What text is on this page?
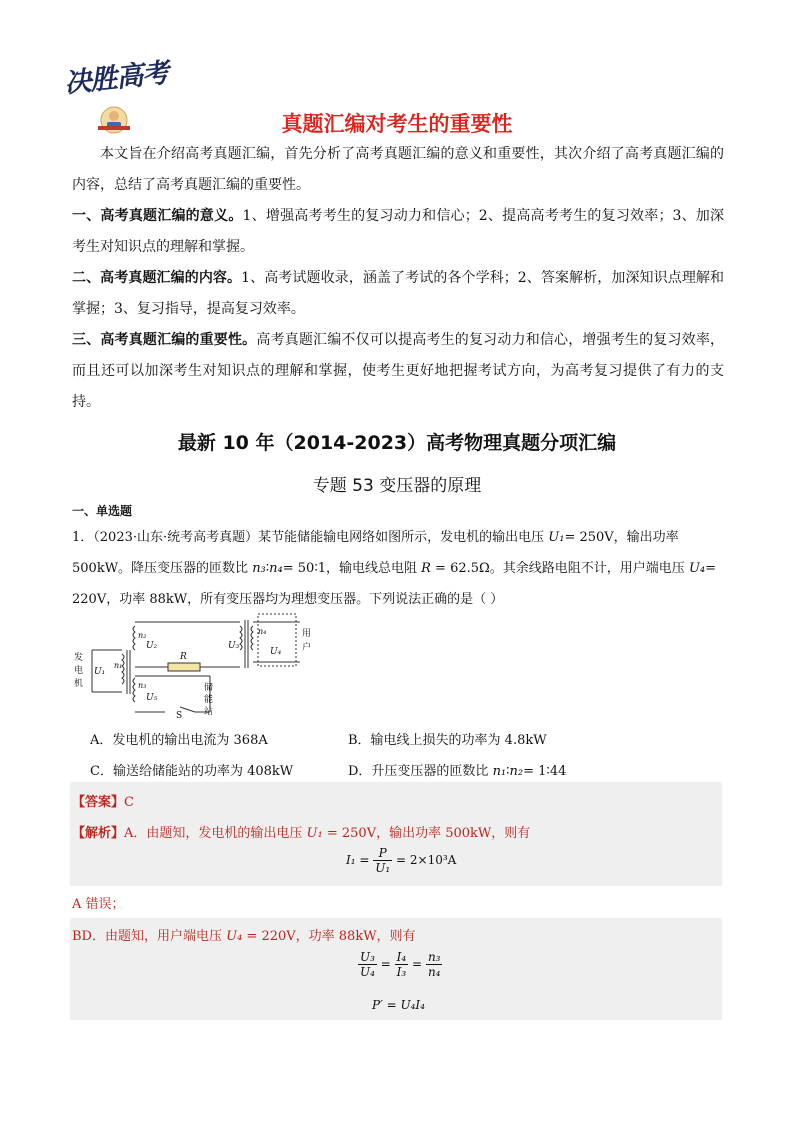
决胜高考
真题汇编对考生的重要性

本文旨在介绍高考真题汇编，首先分析了高考真题汇编的意义和重要性，其次介绍了高考真题汇编的内容，总结了高考真题汇编的重要性。

一、高考真题汇编的意义。1、增强高考考生的复习动力和信心；2、提高高考考生的复习效率；3、加深考生对知识点的理解和掌握。

二、高考真题汇编的内容。1、高考试题收录，涵盖了考试的各个学科；2、答案解析，加深知识点理解和掌握；3、复习指导，提高复习效率。

三、高考真题汇编的重要性。高考真题汇编不仅可以提高考生的复习动力和信心，增强考生的复习效率，而且还可以加深考生对知识点的理解和掌握，使考生更好地把握考试方向，为高考复习提供了有力的支持。

最新 10 年（2014-2023）高考物理真题分项汇编
专题 53 变压器的原理
一、单选题

1．（2023·山东·统考高考真题）某节能储能输电网络如图所示，发电机的输出电压 U₁= 250V，输出功率 500kW。降压变压器的匝数比 n₃∶n₄= 50∶1，输电线总电阻 R = 62.5Ω。其余线路电阻不计，用户端电压 U₄= 220V，功率 88kW，所有变压器均为理想变压器。下列说法正确的是（ ）

发
电
机
U₁
n₁
n₂
U₂
n₃
U₅
R
S
U₃
n₄
U₄
用
户
储
能
站
A．发电机的输出电流为 368A	B．输电线上损失的功率为 4.8kW
C．输送给储能站的功率为 408kW	D．升压变压器的匝数比 n₁∶n₂= 1∶44
【答案】C
【解析】A．由题知，发电机的输出电压 U₁ = 250V，输出功率 500kW，则有
$I_1 = \frac{P}{\text{U₁}} = 2\times 10^3A$
A 错误；
BD．由题知，用户端电压 U₄ = 220V，功率 88kW，则有
$\frac{\text{U₃}}{\text{U₄}} = \frac{\text{I₄}}{\text{I₃}} = \frac{\text{n₃}}{\text{n₄}}$
P′ = U₄I₄
